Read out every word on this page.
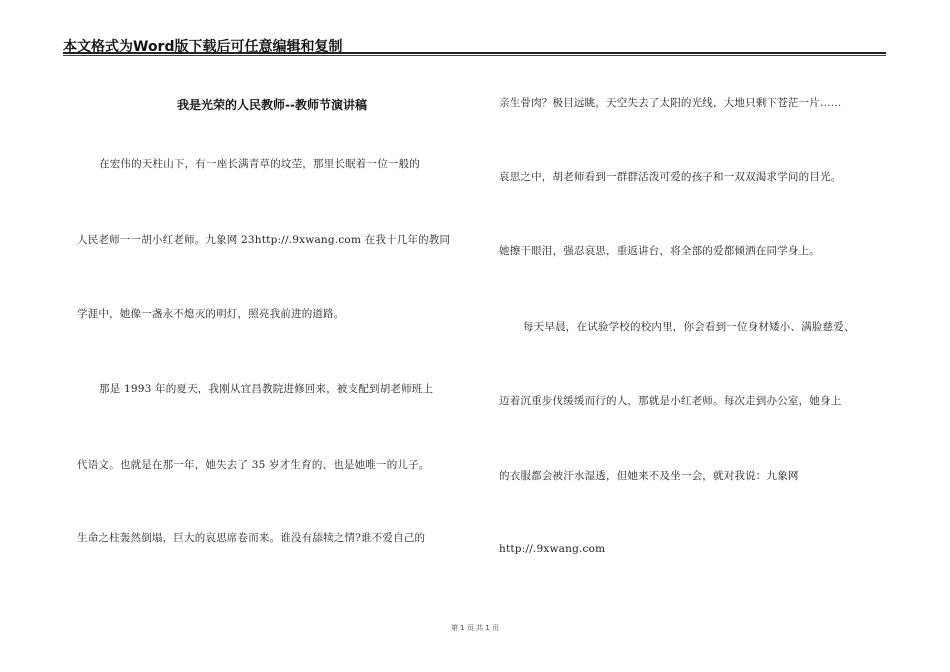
本文格式为Word版下载后可任意编辑和复制
我是光荣的人民教师--教师节演讲稿
在宏伟的天柱山下，有一座长满青草的坟茔，那里长眠着一位一般的
人民老师一一胡小红老师。九象网 23http://.9xwang.com 在我十几年的教同
学涯中，她像一盏永不熄灭的明灯，照亮我前进的道路。
那是 1993 年的夏天，我刚从宜昌教院进修回来，被支配到胡老师班上
代语文。也就是在那一年，她失去了 35 岁才生育的、也是她唯一的儿子。
生命之柱轰然倒塌，巨大的哀思席卷而来。谁没有舔犊之情?谁不爱自己的
亲生骨肉？极目远眺，天空失去了太阳的光线，大地只剩下苍茫一片……
哀思之中，胡老师看到一群群活泼可爱的孩子和一双双渴求学问的目光。
她擦干眼泪，强忍哀思，重返讲台，将全部的爱都倾洒在同学身上。
每天早晨，在试验学校的校内里，你会看到一位身材矮小、满脸慈爱、
迈着沉重步伐缓缓而行的人，那就是小红老师。每次走到办公室，她身上
的衣服都会被汗水湿透，但她来不及坐一会，就对我说：九象网
http://.9xwang.com
第 1 页 共 1 页
